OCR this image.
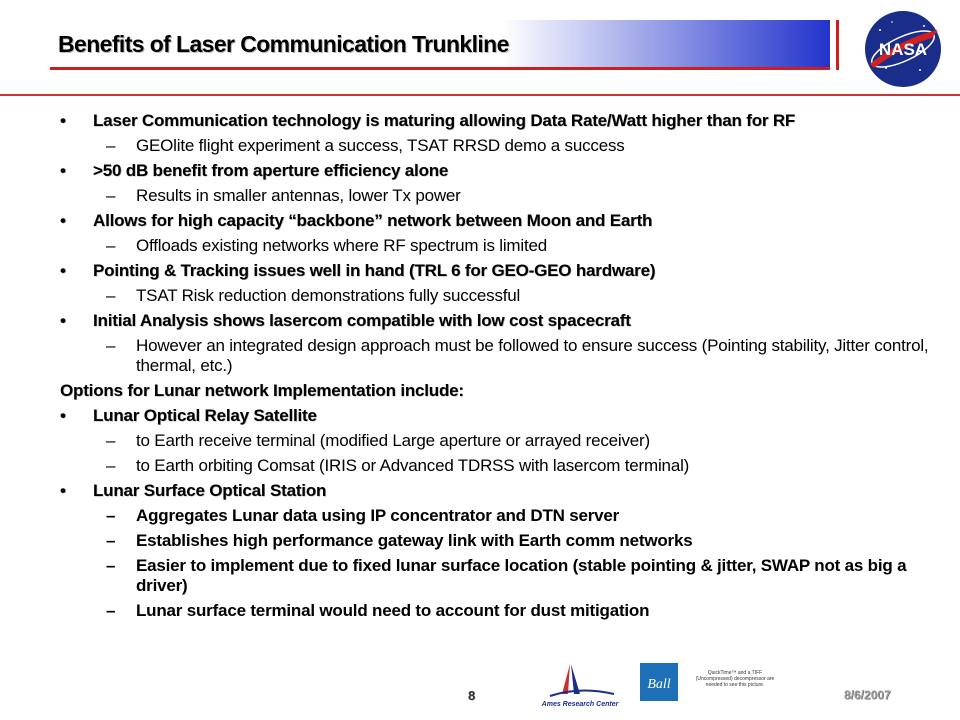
Benefits of Laser Communication Trunkline	NASA
• Laser Communication technology is maturing allowing Data Rate/Watt higher than for RF
– GEOlite flight experiment a success, TSAT RRSD demo a success
• >50 dB benefit from aperture efficiency alone
– Results in smaller antennas, lower Tx power
• Allows for high capacity “backbone” network between Moon and Earth
– Offloads existing networks where RF spectrum is limited
• Pointing & Tracking issues well in hand (TRL 6 for GEO-GEO hardware)
– TSAT Risk reduction demonstrations fully successful
• Initial Analysis shows lasercom compatible with low cost spacecraft
– However an integrated design approach must be followed to ensure success (Pointing stability, Jitter control, thermal, etc.)
Options for Lunar network Implementation include:
• Lunar Optical Relay Satellite
– to Earth receive terminal (modified Large aperture or arrayed receiver)
– to Earth orbiting Comsat (IRIS or Advanced TDRSS with lasercom terminal)
• Lunar Surface Optical Station
– Aggregates Lunar data using IP concentrator and DTN server
– Establishes high performance gateway link with Earth comm networks
– Easier to implement due to fixed lunar surface location (stable pointing & jitter, SWAP not as big a driver)
– Lunar surface terminal would need to account for dust mitigation
8
Ames Research Center
Ball
QuickTime™ and a TIFF (Uncompressed) decompressor are needed to see this picture.
8/6/2007
